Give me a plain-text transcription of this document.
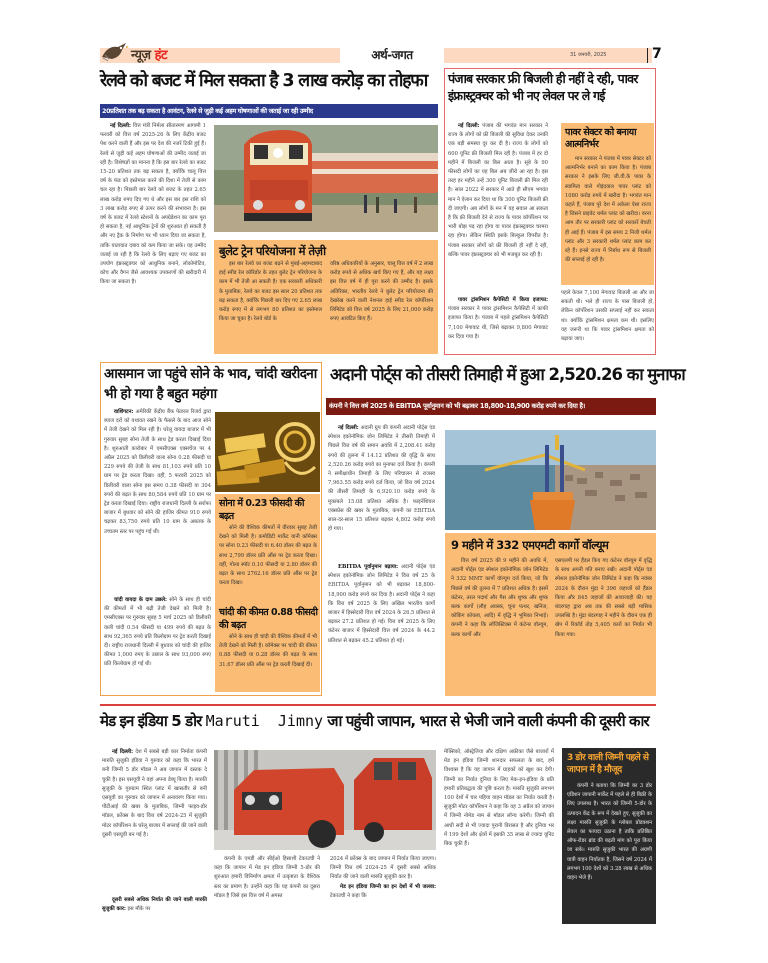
न्यूज़ हंट	अर्थ-जगत	31 जनवरी, 2025	7
रेलवे को बजट में मिल सकता है 3 लाख करोड़ का तोहफा
20प्रतिशत तक बढ़ सकता है आवंटन, रेलवे से जुड़ी कई अहम घोषणाओं की जताई जा रही उम्मीद
नई दिल्ली: वित्त मंत्री निर्मला सीतारमण आगामी 1 फरवरी को वित्त वर्ष 2025-26 के लिए केंद्रीय बजट पेश करने वाली हैं और इस पर देश की नजरें टिकी हुई हैं। रेलवे से जुड़ी कई अहम घोषणाओं की उम्मीद जताई जा रही है। विशेषज्ञों का मानना है कि इस बार रेलवे का बजट 15-20 प्रतिशत तक बढ़ सकता है, क्योंकि चालू वित्त वर्ष के फंड को इस्तेमाल करने की दिशा में तेजी से काम चल रहा है। पिछली बार रेलवे को बजट के तहत 2.65 लाख करोड़ रुपए दिए गए थे और इस बार इस राशि को 3 लाख करोड़ रुपए से ऊपर करने की संभावना है। इस वर्ष के बजट में रेलवे स्टेशनों के अपग्रेडेशन का काम पूरा हो सकता है, नई आधुनिक ट्रेनों की शुरुआत हो सकती है और नए ट्रैक के निर्माण पर भी ध्यान दिया जा सकता है, ताकि यातायात दबाव को कम किया जा सके। यह उम्मीद जताई जा रही है कि रेलवे के लिए बढ़ाए गए बजट का उपयोग इंफ्रास्ट्रक्चर को आधुनिक बनाने, लोकोमोटिव, कोच और वैगन जैसे आवश्यक उपकरणों की खरीदारी में किया जा सकता है।
बुलेट ट्रेन परियोजना में तेज़ी
इस बार रेलवे का बजट बढ़ने से मुंबई-अहमदाबाद हाई स्पीड रेल कॉरिडोर के तहत बुलेट ट्रेन परियोजना के काम में भी तेजी आ सकती है। एक सरकारी अधिकारी के मुताबिक, रेलवे का बजट इस साल 20 प्रतिशत तक बढ़ सकता है, क्योंकि पिछली बार दिए गए 2.65 लाख करोड़ रुपए में से लगभग 80 प्रतिशत का इस्तेमाल किया जा चुका है। रेलवे बोर्ड के
वरिष्ठ अधिकारियों के अनुसार, चालू वित्त वर्ष में 2 लाख करोड़ रुपये से अधिक खर्च किए गए हैं, और यह लक्ष्य इस वित्त वर्ष में ही पूरा करने की उम्मीद है। इसके अतिरिक्त, भारतीय रेलवे ने बुलेट ट्रेन परियोजना की देखरेख करने वाली नेशनल हाई स्पीड रेल कॉर्पोरेशन लिमिटेड को वित्त वर्ष 2025 के लिए 21,000 करोड़ रुपए आवंटित किए हैं।
पंजाब सरकार फ्री बिजली ही नहीं दे रही, पावर इंफ्रास्ट्रक्चर को भी नए लेवल पर ले गई
नई दिल्ली: पंजाब की भगवंत मान सरकार ने राज्य के लोगों को फ्री बिजली की सुविधा देकर उनकी एक बड़ी समस्या दूर कर दी है। राज्य के लोगों को 600 यूनिट फ्री बिजली मिल रही है। पंजाब में हर दो महीने में बिजली का बिल आता है। सूबे के 90 फीसदी लोगों का यह बिल अब जीरो आ रहा है। इस तरह हर महीने उन्हें 300 यूनिट बिजली फ्री मिल रही है। साल 2022 में सरकार में आते ही सीएम भगवंत मान ने ऐलान कर दिया था कि 300 यूनिट बिजली फ्री दी जाएगी। अब लोगों के मन में यह सवाल आ सकता है कि फ्री बिजली देने से राज्य के पावर कॉर्पोरेशन पर भारी बोझ पड़ रहा होगा या पावर इंफ्रास्ट्रक्चर चरमरा रहा होगा। लेकिन स्थिति इसके बिल्कुल विपरीत है। पंजाब सरकार लोगों को फ्री बिजली ही नहीं दे रही, बल्कि पावर इंफ्रास्ट्रक्चर को भी मजबूत कर रही है।
पावर ट्रांसमिशन कैपेसिटी में किया इजाफा: पंजाब सरकार ने पावर ट्रांसमिशन कैपेसिटी में काफी इजाफा किया है। पंजाब में पहले ट्रांसमिशन कैपेसिटी 7,100 मेगावाट थी, जिसे बढ़ाकर 9,800 मेगावाट कर दिया गया है।
पावर सेक्टर को बनाया आत्मनिर्भर
मान सरकार ने पंजाब में पावर सेक्टर को आत्मनिर्भर बनाने का काम किया है। पंजाब सरकार ने इसके लिए जी.वी.के पावर के स्वामित्व वाले गोइंदवाल पावर प्लांट को 1080 करोड़ रुपये में खरीदा है। भगवंत मान कहते हैं, पंजाब पूरे देश में अकेला ऐसा राज्य है जिसने प्राइवेट थर्मल प्लांट को खरीदा। वरना आम तौर पर सरकारी प्लांट को सरकारें बेचती ही आई हैं। पंजाब में इस समय 2 निजी थर्मल प्लांट और 3 सरकारी थर्मल प्लांट काम कर रहे हैं। इनसे राज्य में निर्बाध रूप से बिजली की सप्लाई हो रही है।
पहले केवल 7,100 मेगावाट बिजली आ और जा सकती थी। भले ही राज्य के पास बिजली हो, लेकिन कॉर्पोरेशन उसकी सप्लाई नहीं कर सकता था। क्योंकि ट्रांसमिशन क्षमता कम थी। इसलिए यह जरूरी था कि पावर ट्रांसमिशन क्षमता को बढ़ाया जाए।
आसमान जा पहुंचे सोने के भाव, चांदी खरीदना भी हो गया है बहुत महंगा
वाशिंगटन: अमेरिकी केंद्रीय बैंक फेडरल रिजर्व द्वारा ब्याज दरों को यथावत रखने के फैसले के बाद आज सोने में तेजी देखने को मिल रही है। घरेलू वायदा बाजार में भी गुरुवार सुबह सोना तेजी के साथ ट्रेड करता दिखाई दिया है। शुरुआती कारोबार में एमसीएक्स एक्सचेंज पर 4 अप्रैल 2025 को डिलीवरी वाला सोना 0.28 फीसदी या 229 रुपये की तेजी के साथ 81,103 रुपये प्रति 10 ग्राम पर ट्रेड करता दिखा। वहीं, 5 फरवरी 2025 को डिलीवरी वाला सोना इस समय 0.38 फीसदी या 304 रुपये की बढ़त के साथ 80,584 रुपये प्रति 10 ग्राम पर ट्रेड करता दिखाई दिया। राष्ट्रीय राजधानी दिल्ली के सर्राफा बाजार में बुधवार को सोने की हाजिर कीमत 910 रुपये चढ़कर 83,750 रुपये प्रति 10 ग्राम के अबतक के उच्चतम स्तर पर पहुंच गई थी।
चांदी वायदा के दाम उछले: सोने के साथ ही चांदी की कीमतों में भी बढ़ी तेजी देखने को मिली है। एमसीएक्स पर गुरुवार सुबह 5 मार्च 2025 को डिलीवरी वाली चांदी 0.54 फीसदी या 499 रुपये की बढ़त के साथ 92,365 रुपये प्रति किलोग्राम पर ट्रेड करती दिखाई दी। राष्ट्रीय राजधानी दिल्ली में बुधवार को चांदी की हाजिर कीमत 1,000 रुपए के उछाल के साथ 93,000 रुपए प्रति किलोग्राम हो गई थी।
सोना में 0.23 फीसदी की बढ़त
सोने की वैश्विक कीमतों में वीरवार सुबह तेजी देखने को मिली है। कमोडिटी मार्केट यानी कॉमेक्स पर सोना 0.23 फीसदी या 6.40 डॉलर की बढ़त के साथ 2,799 डॉलर प्रति औंस पर ट्रेड करता दिखा। वहीं, गोल्ड स्पॉट 0.10 फीसदी या 2.80 डॉलर की बढ़त के साथ 2762.16 डॉलर प्रति औंस पर ट्रेड करता दिखा।
चांदी की कीमत 0.88 फीसदी की बढ़त
सोने के साथ ही चांदी की वैश्विक कीमतों में भी तेजी देखने को मिली है। कॉमेक्स पर चांदी की कीमत 0.88 फीसदी या 0.28 डॉलर की बढ़त के साथ 31.67 डॉलर प्रति औंस पर ट्रेड करती दिखाई दी।
अदानी पोर्ट्स को तीसरी तिमाही में हुआ 2,520.26 का मुनाफा
कंपनी ने वित्त वर्ष 2025 के EBITDA पूर्वानुमान को भी बढ़ाकर 18,800-18,900 करोड़ रुपये कर दिया है।
नई दिल्ली: अदानी ग्रुप की कंपनी अदानी पोर्ट्स एंड स्पेशल इकोनॉमिक जोन लिमिटेड ने तीसरी तिमाही में पिछले वित्त वर्ष की समान अवधि में 2,208.41 करोड़ रुपये की तुलना में 14.12 प्रतिशत की वृद्धि के साथ 2,520.26 करोड़ रुपये का मुनाफा दर्ज किया है। कंपनी ने समीक्षाधीन तिमाही के लिए परिचालन से राजस्व 7,963.55 करोड़ रुपये दर्ज किया, जो वित्त वर्ष 2024 की तीसरी तिमाही के 6,920.10 करोड़ रुपये के मुकाबले 15.08 प्रतिशत अधिक है। फाइनेंशियल एक्सप्रेस की खबर के मुताबिक, कंपनी का EBITDA साल-दर-साल 15 प्रतिशत बढ़कर 4,802 करोड़ रुपये हो गया।
EBITDA पूर्वानुमान बढ़ाया: अदानी पोर्ट्स एंड स्पेशल इकोनॉमिक जोन लिमिटेड ने वित्त वर्ष 25 के EBITDA पूर्वानुमान को भी बढ़ाकर 18,800-18,900 करोड़ रुपये कर दिया है। अदानी पोर्ट्स ने कहा कि वित्त वर्ष 2025 के लिए अखिल भारतीय कार्गो बाजार में हिस्सेदारी वित्त वर्ष 2024 के 26.5 प्रतिशत से बढ़कर 27.2 प्रतिशत हो गई। वित्त वर्ष 2025 के लिए कंटेनर बाजार में हिस्सेदारी वित्त वर्ष 2024 के 44.2 प्रतिशत से बढ़कर 45.2 प्रतिशत हो गई।
9 महीने में 332 एमएमटी कार्गो वॉल्यूम
वित्त वर्ष 2025 की 9 महीने की अवधि में, अदानी पोर्ट्स एंड स्पेशल इकोनॉमिक जोन लिमिटेड ने 332 MMT कार्गो वॉल्यूम दर्ज किया, जो कि पिछले वर्ष की तुलना में 7 प्रतिशत अधिक है। इसमें कंटेनर, तरल पदार्थ और गैस और शुष्क और शुष्क बल्क कार्गो (लौह अयस्क, चूना पत्थर, खनिज, कोकिंग कोयला, आदि) में वृद्धि ने भूमिका निभाई। कंपनी ने कहा कि लॉजिस्टिक्स में कंटेनर वॉल्यूम, बल्क कार्गो और
एसएलपी पर हैंडल किए गए कंटेनर वॉल्यूम में वृद्धि के साथ अपनी गति बनाए रखी। अदानी पोर्ट्स एंड स्पेशल इकोनॉमिक जोन लिमिटेड ने कहा कि नवंबर 2024 के दौरान मुंद्रा ने 396 जहाजों को हैंडल किया और 845 जहाजों की आवाजाही की। यह बंदरगाह द्वारा अब तक की सबसे बड़ी मासिक उपलब्धि है। मुंद्रा बंदरगाह ने महीने के दौरान एक ही खेप में रिकॉर्ड तोड़ 5,405 कारों का निर्यात भी किया गया।
मेड इन इंडिया 5 डोर Maruti  Jimny जा पहुंची जापान, भारत से भेजी जाने वाली कंपनी की दूसरी कार
नई दिल्ली: देश में सबसे बड़ी कार निर्माता कंपनी मारुति सुजुकी इंडिया ने गुरुवार को कहा कि भारत में बनी जिम्नी 5 डोर मॉडल ने अब जापान में दस्तक दे चुकी है। इस एसयूवी ने वहां अपना डेब्यू किया है। मारुति सुजुकी के गुरुग्राम स्थित प्लांट में खासतौर से बनी एसयूवी का गुरुवार को जापान में अनावरण किया गया। पीटीआई की खबर के मुताबिक, जिम्नी फाइव-डोर मॉडल, फ्रोंक्स के बाद वित्त वर्ष 2024-25 में सुजुकी मोटर कॉर्पोरेशन के घरेलू बाजार में सप्लाई की जाने वाली दूसरी एसयूवी बन गई है।
दूसरी सबसे अधिक निर्यात की जाने वाली मारुति सुजुकी कार: इस मौके पर
कंपनी के एमडी और सीईओ हिसाशी टेकाउची ने कहा कि जापान में मेड इन इंडिया जिम्नी 5-डोर की शुरुआत हमारी विनिर्माण क्षमता में उत्कृष्टता के वैश्विक स्तर का प्रमाण है। उन्होंने कहा कि यह कंपनी का दूसरा मॉडल है जिसे इस वित्त वर्ष में अगस्त
2024 में फ्रोंक्स के बाद जापान में निर्यात किया जाएगा। जिम्नी वित्त वर्ष 2024-25 में दूसरी सबसे अधिक निर्यात की जाने वाली मारुति सुजुकी कार है।
मेड इन इंडिया जिम्नी का इन देशों में भी जलवा: टेकाउची ने कहा कि
मेक्सिको, ऑस्ट्रेलिया और दक्षिण अफ्रीका जैसे बाजारों में मेड इन इंडिया जिम्नी शानदार सफलता के बाद, हमें विश्वास है कि यह जापान में ग्राहकों को खुश कर देगी। जिम्नी का निर्यात दुनिया के लिए मेक-इन-इंडिया के प्रति हमारी प्रतिबद्धता की पुष्टि करता है। मारुति सुजुकी लगभग 100 देशों में चार पहिया वाहन मॉडल का निर्यात करती है। सुजुकी मोटर कॉर्पोरेशन ने कहा कि वह 3 अप्रैल को जापान में जिम्नी नोमेड नाम से मॉडल लॉन्च करेगी। जिम्नी की आधी सदी से भी ज्यादा पुरानी विरासत है और दुनिया भर में 199 देशों और क्षेत्रों में इसकी 35 लाख से ज्यादा यूनिट बिक चुकी हैं।
3 डोर वाली जिम्नी पहले से जापान में है मौजूद
कंपनी ने बताया कि जिम्नी का 3 डोर एडिशन जापानी मार्केट में पहले से ही बिक्री के लिए उपलब्ध है। भारत को जिम्नी 5-डोर के उत्पादन केंद्र के रूप में देखते हुए, सुजुकी का लक्ष्य मारुति सुजुकी के ग्लोबल प्रोडक्शन लेवल का फायदा उठाना है ताकि प्रतिष्ठित ऑफ-रोडर ब्रांड की बढ़ती मांग को पूरा किया जा सके। मारुति सुजुकी भारत की अग्रणी यात्री वाहन निर्यातक है, जिसने वर्ष 2024 में लगभग 100 देशों को 3.28 लाख से अधिक वाहन भेजे हैं।
